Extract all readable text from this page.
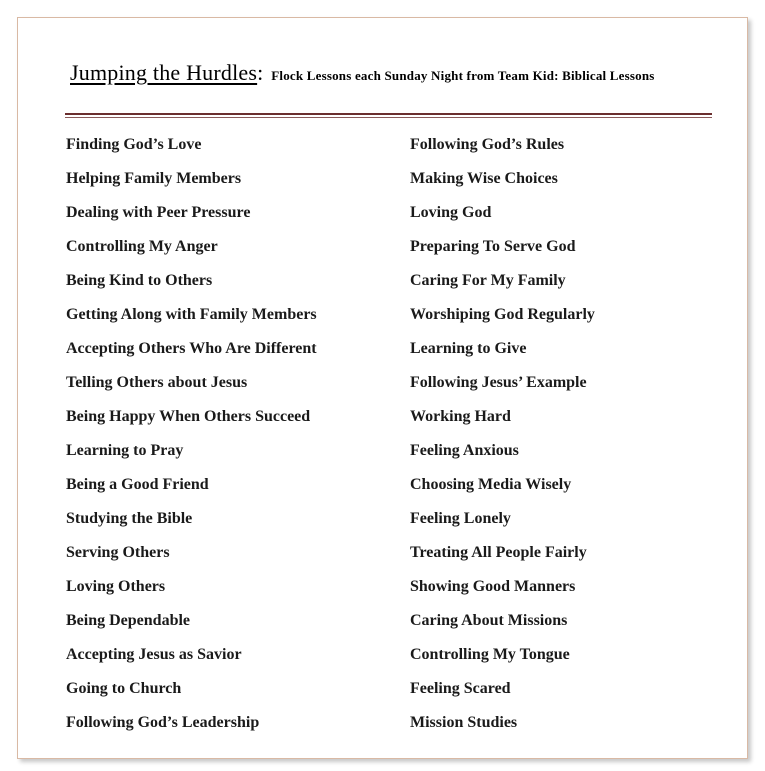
Jumping the Hurdles: Flock Lessons each Sunday Night from Team Kid: Biblical Lessons
Finding God’s Love
Helping Family Members
Dealing with Peer Pressure
Controlling My Anger
Being Kind to Others
Getting Along with Family Members
Accepting Others Who Are Different
Telling Others about Jesus
Being Happy When Others Succeed
Learning to Pray
Being a Good Friend
Studying the Bible
Serving Others
Loving Others
Being Dependable
Accepting Jesus as Savior
Going to Church
Following God’s Leadership
Following God’s Rules
Making Wise Choices
Loving God
Preparing To Serve God
Caring For My Family
Worshiping God Regularly
Learning to Give
Following Jesus’ Example
Working Hard
Feeling Anxious
Choosing Media Wisely
Feeling Lonely
Treating All People Fairly
Showing Good Manners
Caring About Missions
Controlling My Tongue
Feeling Scared
Mission Studies
